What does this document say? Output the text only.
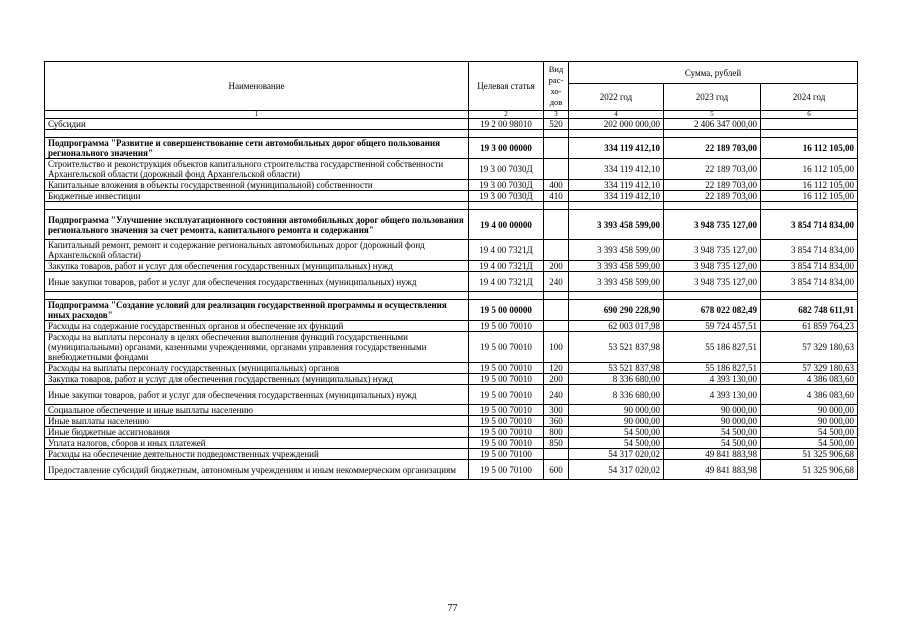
Наименование	Целевая статья	Вид рас-хо-дов	Сумма, рублей		
			2022 год	2023 год	2024 год
1	2	3	4	5	6
Субсидии	19 2 00 98010	520	202 000 000,00	2 406 347 000,00	

Подпрограмма "Развитие и совершенствование сети автомобильных дорог общего пользования регионального значения"	19 3 00 00000		334 119 412,10	22 189 703,00	16 112 105,00
Строительство и реконструкция объектов капитального строительства государственной собственности Архангельской области (дорожный фонд Архангельской области)	19 3 00 7030Д		334 119 412,10	22 189 703,00	16 112 105,00
Капитальные вложения в объекты государственной (муниципальной) собственности	19 3 00 7030Д	400	334 119 412,10	22 189 703,00	16 112 105,00
Бюджетные инвестиции	19 3 00 7030Д	410	334 119 412,10	22 189 703,00	16 112 105,00

Подпрограмма "Улучшение эксплуатационного состояния автомобильных дорог общего пользования регионального значения за счет ремонта, капитального ремонта и содержания"	19 4 00 00000		3 393 458 599,00	3 948 735 127,00	3 854 714 834,00
Капитальный ремонт, ремонт и содержание региональных автомобильных дорог (дорожный фонд Архангельской области)	19 4 00 7321Д		3 393 458 599,00	3 948 735 127,00	3 854 714 834,00
Закупка товаров, работ и услуг для обеспечения государственных (муниципальных) нужд	19 4 00 7321Д	200	3 393 458 599,00	3 948 735 127,00	3 854 714 834,00
Иные закупки товаров, работ и услуг для обеспечения государственных (муниципальных) нужд	19 4 00 7321Д	240	3 393 458 599,00	3 948 735 127,00	3 854 714 834,00

Подпрограмма "Создание условий для реализации государственной программы и осуществления иных расходов"	19 5 00 00000		690 290 228,90	678 022 082,49	682 748 611,91
Расходы на содержание государственных органов и обеспечение их функций	19 5 00 70010		62 003 017,98	59 724 457,51	61 859 764,23
Расходы на выплаты персоналу в целях обеспечения выполнения функций государственными (муниципальными) органами, казенными учреждениями, органами управления государственными внебюджетными фондами	19 5 00 70010	100	53 521 837,98	55 186 827,51	57 329 180,63
Расходы на выплаты персоналу государственных (муниципальных) органов	19 5 00 70010	120	53 521 837,98	55 186 827,51	57 329 180,63
Закупка товаров, работ и услуг для обеспечения государственных (муниципальных) нужд	19 5 00 70010	200	8 336 680,00	4 393 130,00	4 386 083,60
Иные закупки товаров, работ и услуг для обеспечения государственных (муниципальных) нужд	19 5 00 70010	240	8 336 680,00	4 393 130,00	4 386 083,60
Социальное обеспечение и иные выплаты населению	19 5 00 70010	300	90 000,00	90 000,00	90 000,00
Иные выплаты населению	19 5 00 70010	360	90 000,00	90 000,00	90 000,00
Иные бюджетные ассигнования	19 5 00 70010	800	54 500,00	54 500,00	54 500,00
Уплата налогов, сборов и иных платежей	19 5 00 70010	850	54 500,00	54 500,00	54 500,00
Расходы на обеспечение деятельности подведомственных учреждений	19 5 00 70100		54 317 020,02	49 841 883,98	51 325 906,68
Предоставление субсидий бюджетным, автономным учреждениям и иным некоммерческим организациям	19 5 00 70100	600	54 317 020,02	49 841 883,98	51 325 906,68
77
